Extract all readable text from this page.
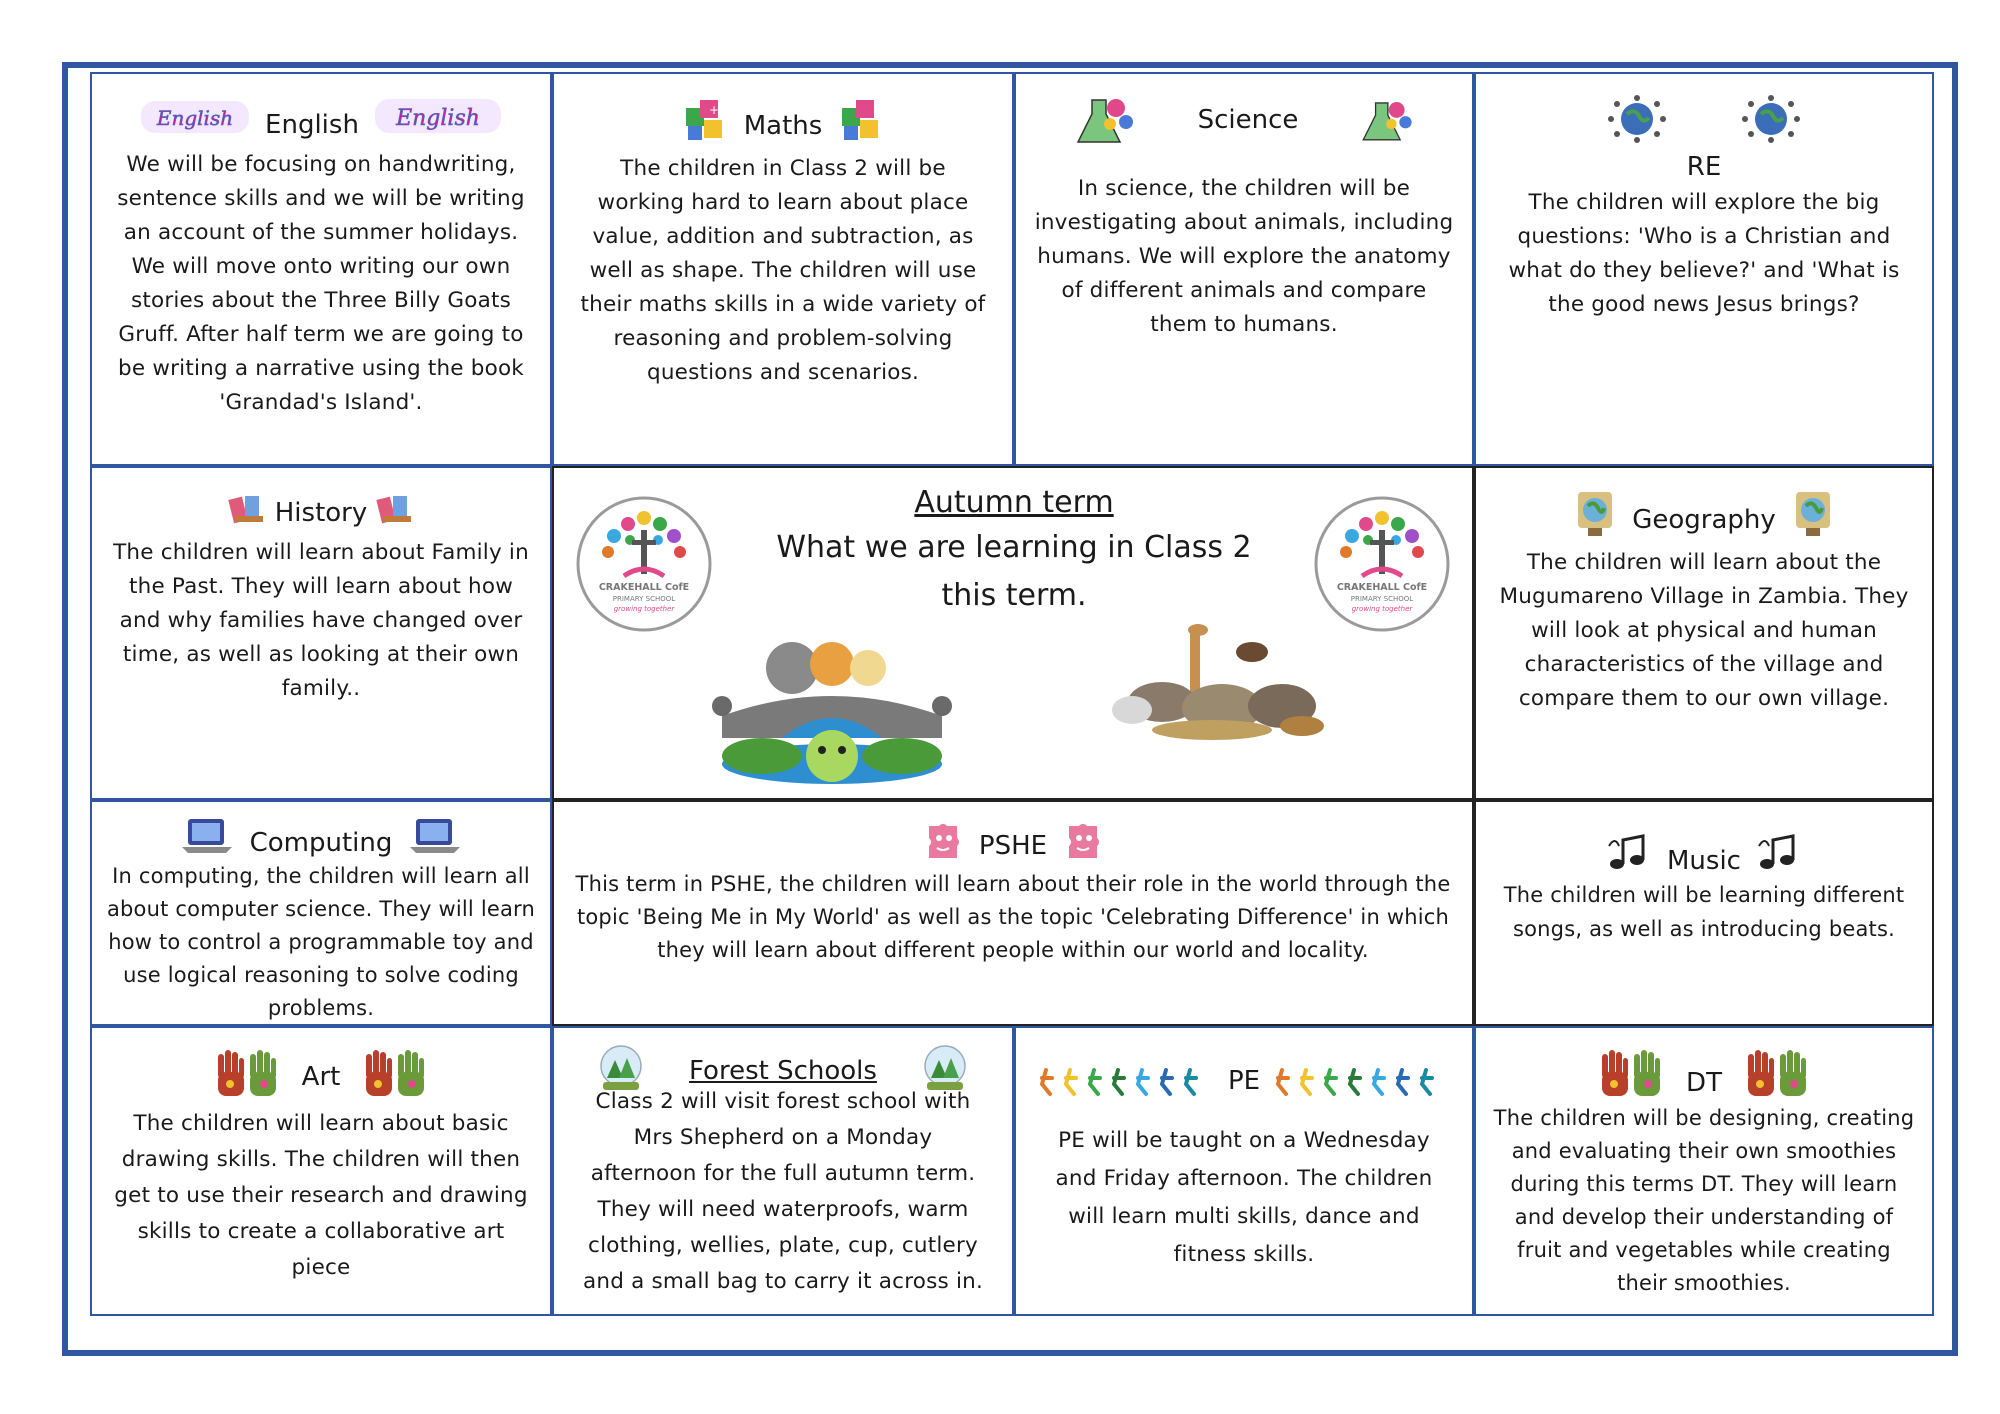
English English English
We will be focusing on handwriting, sentence skills and we will be writing an account of the summer holidays. We will move onto writing our own stories about the Three Billy Goats Gruff. After half term we are going to be writing a narrative using the book 'Grandad's Island'.
+
Maths
The children in Class 2 will be working hard to learn about place value, addition and subtraction, as well as shape. The children will use their maths skills in a wide variety of reasoning and problem-solving questions and scenarios.
Science
In science, the children will be investigating about animals, including humans. We will explore the anatomy of different animals and compare them to humans.
RE
The children will explore the big questions: 'Who is a Christian and what do they believe?' and 'What is the good news Jesus brings?
History
The children will learn about Family in the Past. They will learn about how and why families have changed over time, as well as looking at their own family..
CRAKEHALL CofE
PRIMARY SCHOOL
growing together
CRAKEHALL CofE
PRIMARY SCHOOL
growing together
Autumn term
What we are learning in Class 2 this term.
Geography
The children will learn about the Mugumareno Village in Zambia. They will look at physical and human characteristics of the village and compare them to our own village.
Computing
In computing, the children will learn all about computer science. They will learn how to control a programmable toy and use logical reasoning to solve coding problems.
PSHE
This term in PSHE, the children will learn about their role in the world through the topic 'Being Me in My World' as well as the topic 'Celebrating Difference' in which they will learn about different people within our world and locality.
Music
The children will be learning different songs, as well as introducing beats.
Art
The children will learn about basic drawing skills. The children will then get to use their research and drawing skills to create a collaborative art piece
Forest Schools
Class 2 will visit forest school with Mrs Shepherd on a Monday afternoon for the full autumn term. They will need waterproofs, warm clothing, wellies, plate, cup, cutlery and a small bag to carry it across in.
PE
PE will be taught on a Wednesday and Friday afternoon. The children will learn multi skills, dance and fitness skills.
DT
The children will be designing, creating and evaluating their own smoothies during this terms DT. They will learn and develop their understanding of fruit and vegetables while creating their smoothies.
